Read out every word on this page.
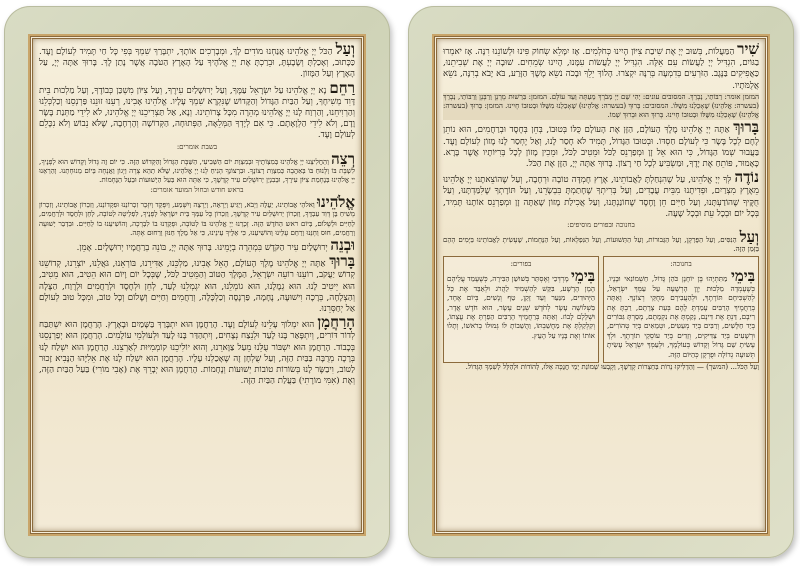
וְעַל הַכֹּל יְיָ אֱלֹהֵינוּ אֲנַחְנוּ מוֹדִים לָךְ, וּמְבָרְכִים אוֹתָךְ, יִתְבָּרַךְ שִׁמְךָ בְּפִי כָּל חַי תָּמִיד לְעוֹלָם וָעֶד. כַּכָּתוּב, וְאָכַלְתָּ וְשָׂבָעְתָּ, וּבֵרַכְתָּ אֶת יְיָ אֱלֹהֶיךָ עַל הָאָרֶץ הַטֹּבָה אֲשֶׁר נָתַן לָךְ. בָּרוּךְ אַתָּה יְיָ, עַל הָאָרֶץ וְעַל הַמָּזוֹן.

רַחֵם נָא יְיָ אֱלֹהֵינוּ עַל יִשְׂרָאֵל עַמֶּךָ, וְעַל יְרוּשָׁלַיִם עִירֶךָ, וְעַל צִיּוֹן מִשְׁכַּן כְּבוֹדֶךָ, וְעַל מַלְכוּת בֵּית דָּוִד מְשִׁיחֶךָ, וְעַל הַבַּיִת הַגָּדוֹל וְהַקָּדוֹשׁ שֶׁנִּקְרָא שִׁמְךָ עָלָיו. אֱלֹהֵינוּ אָבִינוּ, רְעֵנוּ זוּנֵנוּ פַּרְנְסֵנוּ וְכַלְכְּלֵנוּ וְהַרְוִיחֵנוּ, וְהַרְוַח לָנוּ יְיָ אֱלֹהֵינוּ מְהֵרָה מִכָּל צָרוֹתֵינוּ. וְנָא, אַל תַּצְרִיכֵנוּ יְיָ אֱלֹהֵינוּ, לֹא לִידֵי מַתְּנַת בָּשָׂר וָדָם, וְלֹא לִידֵי הַלְוָאָתָם. כִּי אִם לְיָדְךָ הַמְּלֵאָה, הַפְּתוּחָה, הַקְּדוֹשָׁה וְהָרְחָבָה, שֶׁלֹּא נֵבוֹשׁ וְלֹא נִכָּלֵם לְעוֹלָם וָעֶד.

בשבת אומרים:

רְצֵה וְהַחֲלִיצֵנוּ יְיָ אֱלֹהֵינוּ בְּמִצְוֹתֶיךָ וּבְמִצְוַת יוֹם הַשְּׁבִיעִי, הַשַּׁבָּת הַגָּדוֹל וְהַקָּדוֹשׁ הַזֶּה. כִּי יוֹם זֶה גָּדוֹל וְקָדוֹשׁ הוּא לְפָנֶיךָ, לִשְׁבָּת בּוֹ וְלָנוּחַ בּוֹ בְּאַהֲבָה כְּמִצְוַת רְצוֹנֶךָ. וּבִרְצוֹנְךָ הָנִיחַ לָנוּ יְיָ אֱלֹהֵינוּ, שֶׁלֹּא תְהֵא צָרָה וְיָגוֹן וַאֲנָחָה בְּיוֹם מְנוּחָתֵנוּ. וְהַרְאֵנוּ יְיָ אֱלֹהֵינוּ בְּנֶחָמַת צִיּוֹן עִירֶךָ, וּבְבִנְיַן יְרוּשָׁלַיִם עִיר קָדְשֶׁךָ, כִּי אַתָּה הוּא בַּעַל הַיְשׁוּעוֹת וּבַעַל הַנֶּחָמוֹת.

בראש חודש ובחול המועד אומרים:

אֱלֹהֵינוּ וֵאלֹהֵי אֲבוֹתֵינוּ, יַעֲלֶה וְיָבֹא, וְיַגִּיעַ וְיֵרָאֶה, וְיֵרָצֶה וְיִשָּׁמַע, וְיִפָּקֵד וְיִזָּכֵר זִכְרוֹנֵנוּ וּפִקְדוֹנֵנוּ, וְזִכְרוֹן אֲבוֹתֵינוּ, וְזִכְרוֹן מָשִׁיחַ בֶּן דָּוִד עַבְדֶּךָ, וְזִכְרוֹן יְרוּשָׁלַיִם עִיר קָדְשֶׁךָ, וְזִכְרוֹן כָּל עַמְּךָ בֵּית יִשְׂרָאֵל לְפָנֶיךָ, לִפְלֵיטָה לְטוֹבָה, לְחֵן וּלְחֶסֶד וּלְרַחֲמִים, לְחַיִּים וּלְשָׁלוֹם, בְּיוֹם ראש הַחֹדֶשׁ הַזֶּה. זָכְרֵנוּ יְיָ אֱלֹהֵינוּ בּוֹ לְטוֹבָה, וּפָקְדֵנוּ בוֹ לִבְרָכָה, וְהוֹשִׁיעֵנוּ בוֹ לְחַיִּים. וּבִדְבַר יְשׁוּעָה וְרַחֲמִים, חוּס וְחָנֵּנוּ וְרַחֵם עָלֵינוּ וְהוֹשִׁיעֵנוּ, כִּי אֵלֶיךָ עֵינֵינוּ, כִּי אֵל מֶלֶךְ חַנּוּן וְרַחוּם אָתָּה.

וּבְנֵה יְרוּשָׁלַיִם עִיר הַקֹּדֶשׁ בִּמְהֵרָה בְיָמֵינוּ. בָּרוּךְ אַתָּה יְיָ, בּוֹנֵה בְרַחֲמָיו יְרוּשָׁלָיִם. אָמֵן.

בָּרוּךְ אַתָּה יְיָ אֱלֹהֵינוּ מֶלֶךְ הָעוֹלָם, הָאֵל אָבִינוּ, מַלְכֵּנוּ, אַדִּירֵנוּ, בּוֹרְאֵנוּ, גֹּאֲלֵנוּ, יוֹצְרֵנוּ, קְדוֹשֵׁנוּ קְדוֹשׁ יַעֲקֹב, רוֹעֵנוּ רוֹעֵה יִשְׂרָאֵל, הַמֶּלֶךְ הַטּוֹב וְהַמֵּטִיב לַכֹּל, שֶׁבְּכָל יוֹם וָיוֹם הוּא הֵטִיב, הוּא מֵטִיב, הוּא יֵיטִיב לָנוּ. הוּא גְמָלָנוּ, הוּא גוֹמְלֵנוּ, הוּא יִגְמְלֵנוּ לָעַד, לְחֵן וּלְחֶסֶד וּלְרַחֲמִים וּלְרֶוַח, הַצָּלָה וְהַצְלָחָה, בְּרָכָה וִישׁוּעָה, נֶחָמָה, פַּרְנָסָה וְכַלְכָּלָה, וְרַחֲמִים וְחַיִּים וְשָׁלוֹם וְכָל טוֹב, וּמִכָּל טוּב לְעוֹלָם אַל יְחַסְּרֵנוּ.

הָרַחֲמָן הוּא יִמְלוֹךְ עָלֵינוּ לְעוֹלָם וָעֶד. הָרַחֲמָן הוּא יִתְבָּרַךְ בַּשָּׁמַיִם וּבָאָרֶץ. הָרַחֲמָן הוּא יִשְׁתַּבַּח לְדוֹר דּוֹרִים, וְיִתְפָּאַר בָּנוּ לָעַד וּלְנֵצַח נְצָחִים, וְיִתְהַדַּר בָּנוּ לָעַד וּלְעוֹלְמֵי עוֹלָמִים. הָרַחֲמָן הוּא יְפַרְנְסֵנוּ בְּכָבוֹד. הָרַחֲמָן הוּא יִשְׁבּוֹר עֻלֵּנוּ מֵעַל צַוָּארֵנוּ, וְהוּא יוֹלִיכֵנוּ קוֹמְמִיּוּת לְאַרְצֵנוּ. הָרַחֲמָן הוּא יִשְׁלַח לָנוּ בְּרָכָה מְרֻבָּה בַּבַּיִת הַזֶּה, וְעַל שֻׁלְחָן זֶה שֶׁאָכַלְנוּ עָלָיו. הָרַחֲמָן הוּא יִשְׁלַח לָנוּ אֶת אֵלִיָּהוּ הַנָּבִיא זָכוּר לַטּוֹב, וִיבַשֶּׂר לָנוּ בְּשׂוֹרוֹת טוֹבוֹת יְשׁוּעוֹת וְנֶחָמוֹת. הָרַחֲמָן הוּא יְבָרֵךְ אֶת (אָבִי מוֹרִי) בַּעַל הַבַּיִת הַזֶּה, וְאֶת (אִמִּי מוֹרָתִי) בַּעֲלַת הַבַּיִת הַזֶּה.

שִׁיר הַמַּעֲלוֹת, בְּשׁוּב יְיָ אֶת שִׁיבַת צִיּוֹן הָיִינוּ כְּחֹלְמִים. אָז יִמָּלֵא שְׂחוֹק פִּינוּ וּלְשׁוֹנֵנוּ רִנָּה. אָז יֹאמְרוּ בַגּוֹיִם, הִגְדִּיל יְיָ לַעֲשׂוֹת עִם אֵלֶּה. הִגְדִּיל יְיָ לַעֲשׂוֹת עִמָּנוּ, הָיִינוּ שְׂמֵחִים. שׁוּבָה יְיָ אֶת שְׁבִיתֵנוּ, כַּאֲפִיקִים בַּנֶּגֶב. הַזֹּרְעִים בְּדִמְעָה בְּרִנָּה יִקְצֹרוּ. הָלוֹךְ יֵלֵךְ וּבָכֹה נֹשֵׂא מֶשֶׁךְ הַזָּרַע, בֹּא יָבֹא בְרִנָּה, נֹשֵׂא אֲלֻמֹּתָיו.

המזמן אומר: רַבּוֹתַי, נְבָרֵךְ. המסובים עונים: יְהִי שֵׁם יְיָ מְבֹרָךְ מֵעַתָּה וְעַד עוֹלָם. המזמן: בִּרְשׁוּת מָרָנָן וְרַבָּנָן וְרַבּוֹתַי, נְבָרֵךְ (בעשרה: אֱלֹהֵינוּ) שֶׁאָכַלְנוּ מִשֶּׁלּוֹ. המסובים: בָּרוּךְ (בעשרה: אֱלֹהֵינוּ) שֶׁאָכַלְנוּ מִשֶּׁלּוֹ וּבְטוּבוֹ חָיִינוּ. המזמן: בָּרוּךְ (בעשרה: אֱלֹהֵינוּ) שֶׁאָכַלְנוּ מִשֶּׁלּוֹ וּבְטוּבוֹ חָיִינוּ. בָּרוּךְ הוּא וּבָרוּךְ שְׁמוֹ.

בָּרוּךְ אַתָּה יְיָ אֱלֹהֵינוּ מֶלֶךְ הָעוֹלָם, הַזָּן אֶת הָעוֹלָם כֻּלּוֹ בְּטוּבוֹ, בְּחֵן בְּחֶסֶד וּבְרַחֲמִים, הוּא נוֹתֵן לֶחֶם לְכָל בָּשָׂר כִּי לְעוֹלָם חַסְדּוֹ. וּבְטוּבוֹ הַגָּדוֹל, תָּמִיד לֹא חָסַר לָנוּ, וְאַל יֶחְסַר לָנוּ מָזוֹן לְעוֹלָם וָעֶד. בַּעֲבוּר שְׁמוֹ הַגָּדוֹל, כִּי הוּא אֵל זָן וּמְפַרְנֵס לַכֹּל וּמֵטִיב לַכֹּל, וּמֵכִין מָזוֹן לְכָל בְּרִיּוֹתָיו אֲשֶׁר בָּרָא. כָּאָמוּר, פּוֹתֵחַ אֶת יָדֶךָ, וּמַשְׂבִּיעַ לְכָל חַי רָצוֹן. בָּרוּךְ אַתָּה יְיָ, הַזָּן אֶת הַכֹּל.

נוֹדֶה לְּךָ יְיָ אֱלֹהֵינוּ, עַל שֶׁהִנְחַלְתָּ לַאֲבוֹתֵינוּ, אֶרֶץ חֶמְדָּה טוֹבָה וּרְחָבָה, וְעַל שֶׁהוֹצֵאתָנוּ יְיָ אֱלֹהֵינוּ מֵאֶרֶץ מִצְרַיִם, וּפְדִיתָנוּ מִבֵּית עֲבָדִים, וְעַל בְּרִיתְךָ שֶׁחָתַמְתָּ בִּבְשָׂרֵנוּ, וְעַל תּוֹרָתְךָ שֶׁלִּמַּדְתָּנוּ, וְעַל חֻקֶּיךָ שֶׁהוֹדַעְתָּנוּ, וְעַל חַיִּים חֵן וָחֶסֶד שֶׁחוֹנַנְתָּנוּ, וְעַל אֲכִילַת מָזוֹן שָׁאַתָּה זָן וּמְפַרְנֵס אוֹתָנוּ תָּמִיד, בְּכָל יוֹם וּבְכָל עֵת וּבְכָל שָׁעָה.

בחנוכה ובפורים מוסיפים:

וְעַל הַנִּסִּים, וְעַל הַפֻּרְקָן, וְעַל הַגְּבוּרוֹת, וְעַל הַתְּשׁוּעוֹת, וְעַל הַנִּפְלָאוֹת, וְעַל הַנֶּחָמוֹת, שֶׁעָשִׂיתָ לַאֲבוֹתֵינוּ בַּיָּמִים הָהֵם בַּזְּמַן הַזֶּה.

בחנוכה:

בִּימֵי מַתִּתְיָהוּ בֶּן יוֹחָנָן כֹּהֵן גָּדוֹל, חַשְׁמוֹנַאי וּבָנָיו, כְּשֶׁעָמְדָה מַלְכוּת יָוָן הָרְשָׁעָה עַל עַמְּךָ יִשְׂרָאֵל, לְהַשְׁכִּיחָם תּוֹרָתֶךָ, וּלְהַעֲבִירָם מֵחֻקֵּי רְצוֹנֶךָ. וְאַתָּה בְּרַחֲמֶיךָ הָרַבִּים עָמַדְתָּ לָהֶם בְּעֵת צָרָתָם, רַבְתָּ אֶת רִיבָם, דַּנְתָּ אֶת דִּינָם, נָקַמְתָּ אֶת נִקְמָתָם, מָסַרְתָּ גִּבּוֹרִים בְּיַד חַלָּשִׁים, וְרַבִּים בְּיַד מְעַטִּים, וּטְמֵאִים בְּיַד טְהוֹרִים, וּרְשָׁעִים בְּיַד צַדִּיקִים, וְזֵדִים בְּיַד עוֹסְקֵי תוֹרָתֶךָ. וּלְךָ עָשִׂיתָ שֵׁם גָּדוֹל וְקָדוֹשׁ בְּעוֹלָמֶךָ, וּלְעַמְּךָ יִשְׂרָאֵל עָשִׂיתָ תְּשׁוּעָה גְדוֹלָה וּפֻרְקָן כְּהַיּוֹם הַזֶּה.

בפורים:

בִּימֵי מָרְדְּכַי וְאֶסְתֵּר בְּשׁוּשַׁן הַבִּירָה, כְּשֶׁעָמַד עֲלֵיהֶם הָמָן הָרָשָׁע, בִּקֵּשׁ לְהַשְׁמִיד לַהֲרֹג וּלְאַבֵּד אֶת כָּל הַיְּהוּדִים, מִנַּעַר וְעַד זָקֵן, טַף וְנָשִׁים, בְּיוֹם אֶחָד, בִּשְׁלוֹשָׁה עָשָׂר לְחֹדֶשׁ שְׁנֵים עָשָׂר, הוּא חֹדֶשׁ אֲדָר, וּשְׁלָלָם לָבוֹז. וְאַתָּה בְּרַחֲמֶיךָ הָרַבִּים הֵפַרְתָּ אֶת עֲצָתוֹ, וְקִלְקַלְתָּ אֶת מַחֲשַׁבְתּוֹ, וַהֲשֵׁבוֹתָ לּוֹ גְּמוּלוֹ בְרֹאשׁוֹ, וְתָלוּ אוֹתוֹ וְאֶת בָּנָיו עַל הָעֵץ.

וְעַל הַכֹּל... (המשך) — וְהַדְלִיקוּ נֵרוֹת בְּחַצְרוֹת קָדְשֶׁךָ, וְקָבְעוּ שְׁמוֹנַת יְמֵי חֲנֻכָּה אֵלּוּ, לְהוֹדוֹת וּלְהַלֵּל לְשִׁמְךָ הַגָּדוֹל.
